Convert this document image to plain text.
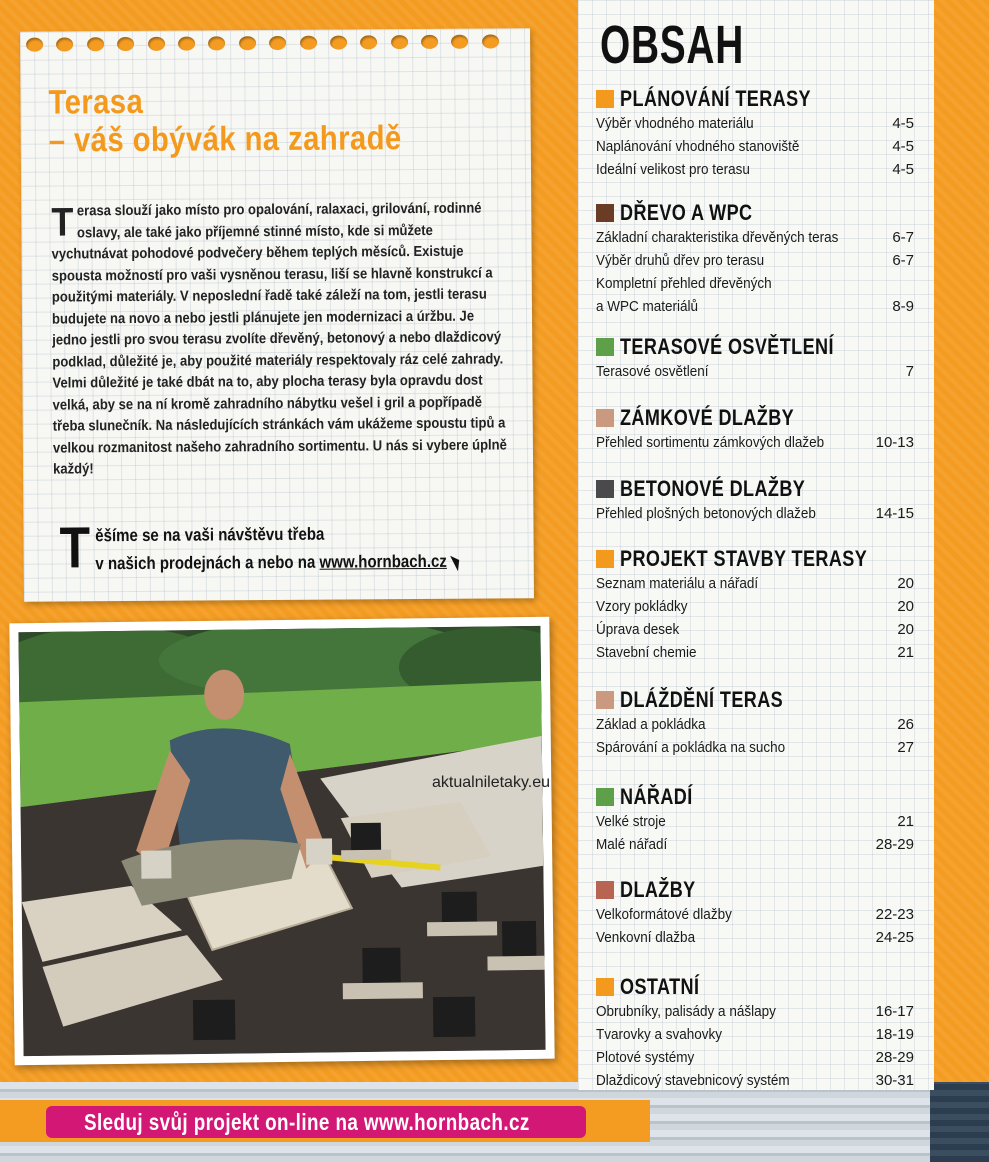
Terasa
– váš obývák na zahradě

Terasa slouží jako místo pro opalování, ralaxaci, grilování, rodinné oslavy, ale také jako příjemné stinné místo, kde si můžete vychutnávat pohodové podvečery během teplých měsíců. Existuje spousta možností pro vaši vysněnou terasu, liší se hlavně konstrukcí a použitými materiály. V neposlední řadě také záleží na tom, jestli terasu budujete na novo a nebo jestli plánujete jen modernizaci a úržbu. Je jedno jestli pro svou terasu zvolíte dřevěný, betonový a nebo dlaždicový podklad, důležité je, aby použité materiály respektovaly ráz celé zahrady. Velmi důležité je také dbát na to, aby plocha terasy byla opravdu dost velká, aby se na ní kromě zahradního nábytku vešel i gril a popřípadě třeba slunečník. Na následujících stránkách vám ukážeme spoustu tipů a velkou rozmanitost našeho zahradního sortimentu. U nás si vybere úplně každý!

T ěšíme se na vaši návštěvu třeba
v našich prodejnách a nebo na www.hornbach.cz
aktualniletaky.eu
OBSAH
PLÁNOVÁNÍ TERASY
Výběr vhodného materiálu	4-5
Naplánování vhodného stanoviště	4-5
Ideální velikost pro terasu	4-5
DŘEVO A WPC
Základní charakteristika dřevěných teras	6-7
Výběr druhů dřev pro terasu	6-7
Kompletní přehled dřevěných
a WPC materiálů	8-9
TERASOVÉ OSVĚTLENÍ
Terasové osvětlení	7
ZÁMKOVÉ DLAŽBY
Přehled sortimentu zámkových dlažeb	10-13
BETONOVÉ DLAŽBY
Přehled plošných betonových dlažeb	14-15
PROJEKT STAVBY TERASY
Seznam materiálu a nářadí	20
Vzory pokládky	20
Úprava desek	20
Stavební chemie	21
DLÁŽDĚNÍ TERAS
Základ a pokládka	26
Spárování a pokládka na sucho	27
NÁŘADÍ
Velké stroje	21
Malé nářadí	28-29
DLAŽBY
Velkoformátové dlažby	22-23
Venkovní dlažba	24-25
OSTATNÍ
Obrubníky, palisády a nášlapy	16-17
Tvarovky a svahovky	18-19
Plotové systémy	28-29
Dlaždicový stavebnicový systém	30-31
Sleduj svůj projekt on-line na www.hornbach.cz
